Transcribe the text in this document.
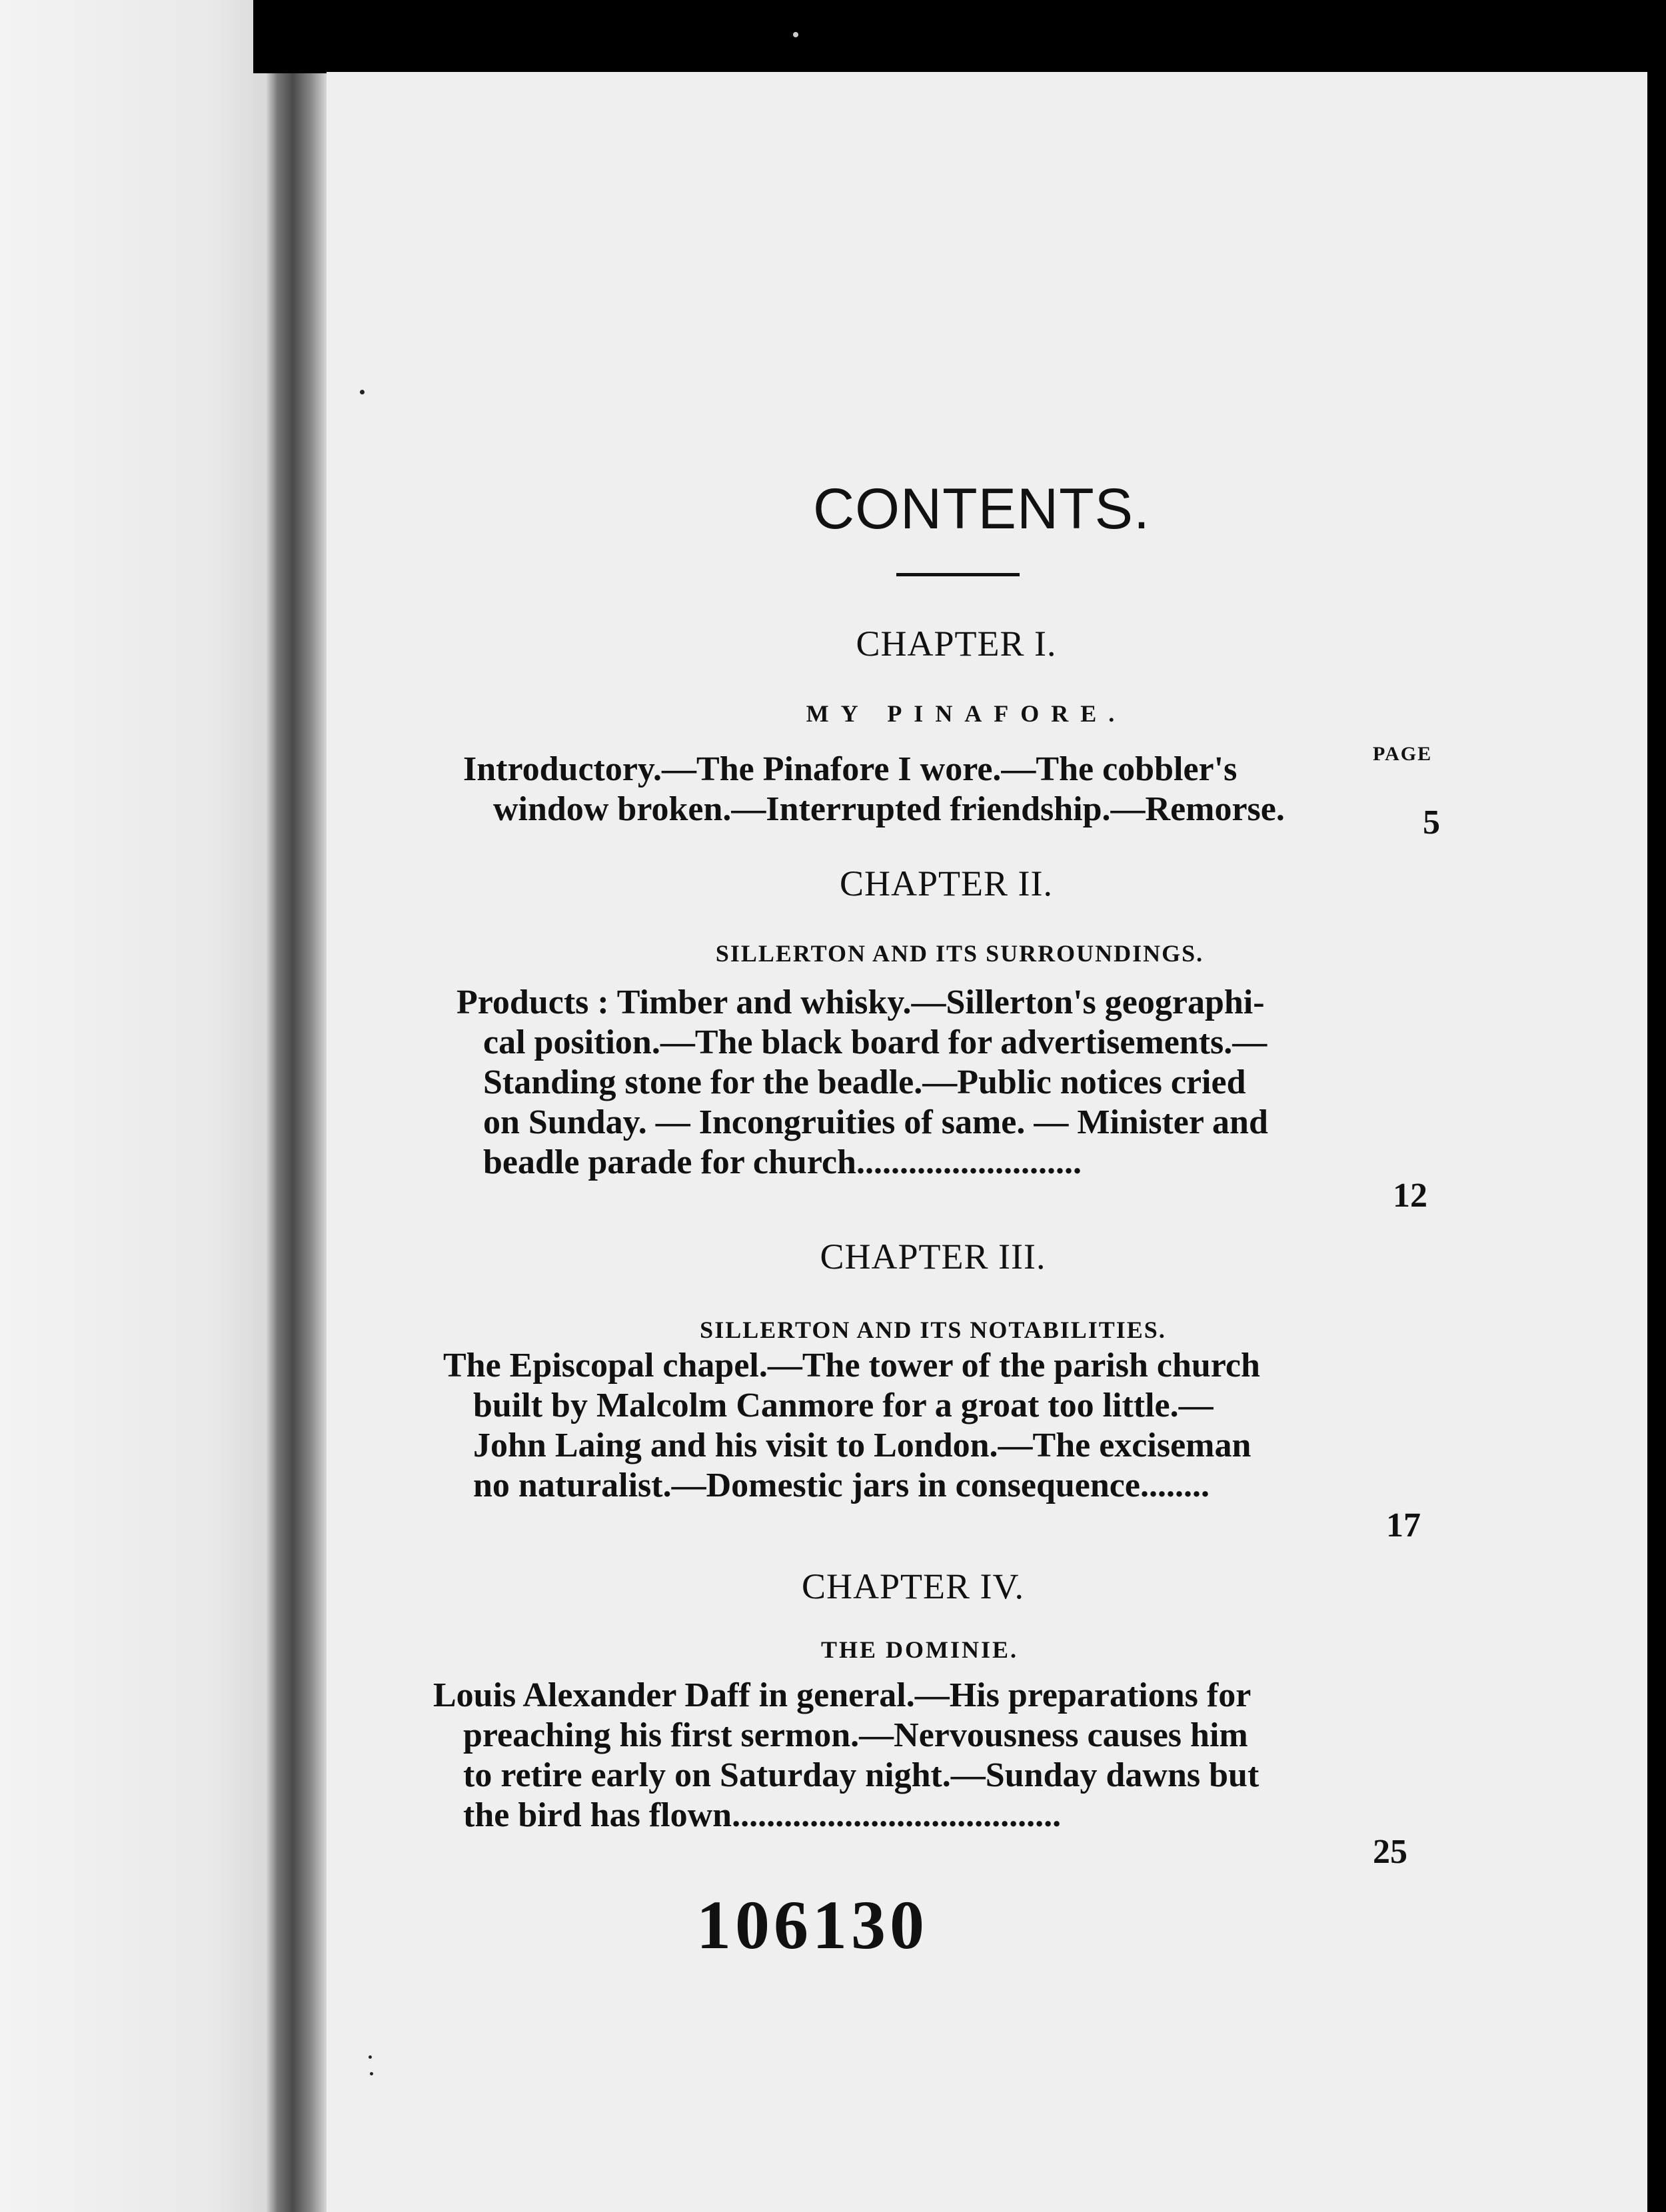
CONTENTS.
CHAPTER I.
MY PINAFORE.
PAGE
Introductory.—The Pinafore I wore.—The cobbler's
window broken.—Interrupted friendship.—Remorse.	5
CHAPTER II.
SILLERTON AND ITS SURROUNDINGS.
Products : Timber and whisky.—Sillerton's geographi-
cal position.—The black board for advertisements.—
Standing stone for the beadle.—Public notices cried
on Sunday. — Incongruities of same. — Minister and
beadle parade for church..........................
12
CHAPTER III.
SILLERTON AND ITS NOTABILITIES.
The Episcopal chapel.—The tower of the parish church
built by Malcolm Canmore for a groat too little.—
John Laing and his visit to London.—The exciseman
no naturalist.—Domestic jars in consequence........
17
CHAPTER IV.
THE DOMINIE.
Louis Alexander Daff in general.—His preparations for
preaching his first sermon.—Nervousness causes him
to retire early on Saturday night.—Sunday dawns but
the bird has flown......................................
25
106130
